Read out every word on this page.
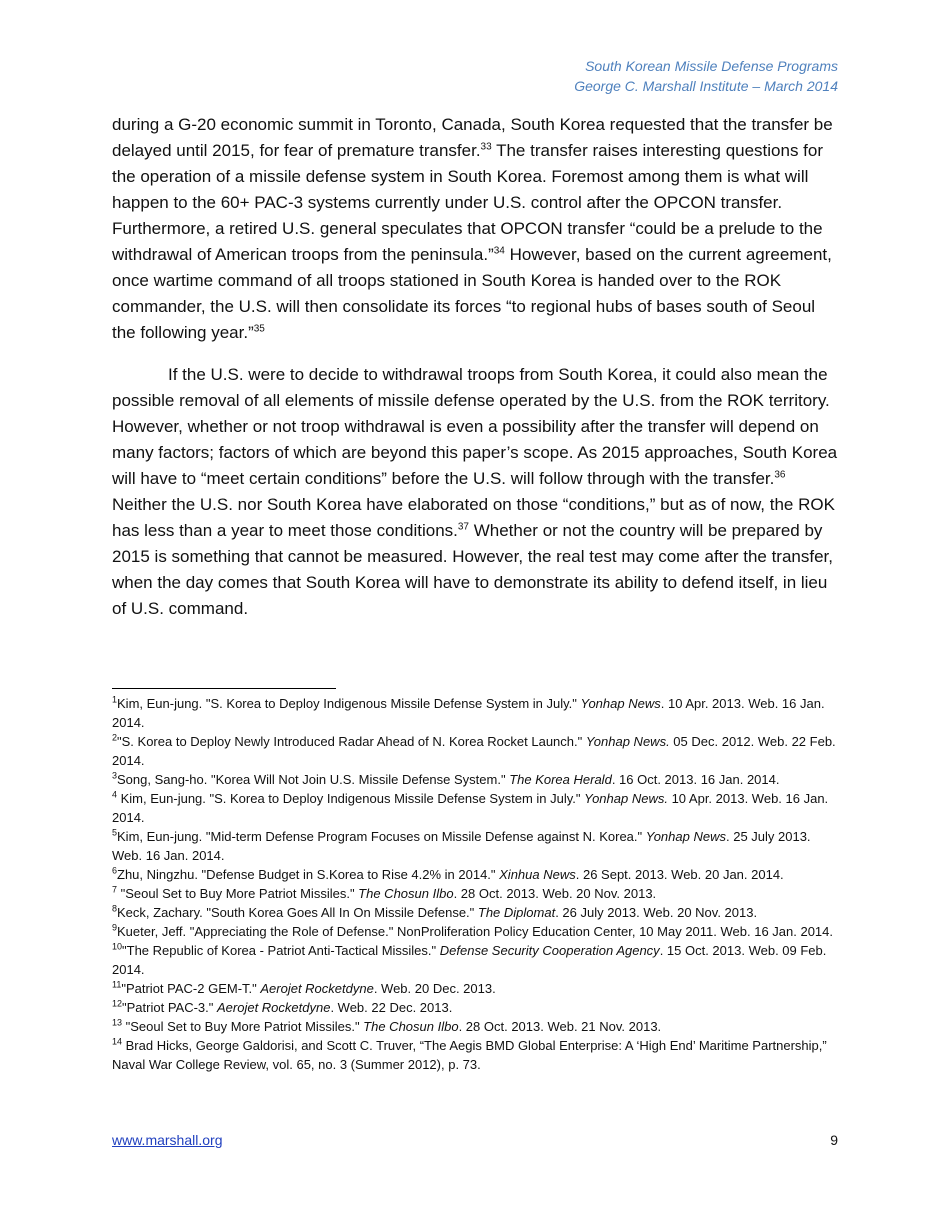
South Korean Missile Defense Programs
George C. Marshall Institute – March 2014

during a G-20 economic summit in Toronto, Canada, South Korea requested that the transfer be delayed until 2015, for fear of premature transfer.$^{33}$ The transfer raises interesting questions for the operation of a missile defense system in South Korea. Foremost among them is what will happen to the 60+ PAC-3 systems currently under U.S. control after the OPCON transfer. Furthermore, a retired U.S. general speculates that OPCON transfer “could be a prelude to the withdrawal of American troops from the peninsula.”$^{34}$ However, based on the current agreement, once wartime command of all troops stationed in South Korea is handed over to the ROK commander, the U.S. will then consolidate its forces “to regional hubs of bases south of Seoul the following year.”$^{35}$

If the U.S. were to decide to withdrawal troops from South Korea, it could also mean the possible removal of all elements of missile defense operated by the U.S. from the ROK territory. However, whether or not troop withdrawal is even a possibility after the transfer will depend on many factors; factors of which are beyond this paper’s scope. As 2015 approaches, South Korea will have to “meet certain conditions” before the U.S. will follow through with the transfer.$^{36}$ Neither the U.S. nor South Korea have elaborated on those “conditions,” but as of now, the ROK has less than a year to meet those conditions.$^{37}$ Whether or not the country will be prepared by 2015 is something that cannot be measured. However, the real test may come after the transfer, when the day comes that South Korea will have to demonstrate its ability to defend itself, in lieu of U.S. command.

$^1$Kim, Eun-jung. "S. Korea to Deploy Indigenous Missile Defense System in July." Yonhap News. 10 Apr. 2013. Web. 16 Jan. 2014.
$^2$"S. Korea to Deploy Newly Introduced Radar Ahead of N. Korea Rocket Launch." Yonhap News. 05 Dec. 2012. Web. 22 Feb. 2014.
$^3$Song, Sang-ho. "Korea Will Not Join U.S. Missile Defense System." The Korea Herald. 16 Oct. 2013. 16 Jan. 2014.
$^4$ Kim, Eun-jung. "S. Korea to Deploy Indigenous Missile Defense System in July." Yonhap News. 10 Apr. 2013. Web. 16 Jan. 2014.
$^5$Kim, Eun-jung. "Mid-term Defense Program Focuses on Missile Defense against N. Korea." Yonhap News. 25 July 2013. Web. 16 Jan. 2014.
$^6$Zhu, Ningzhu. "Defense Budget in S.Korea to Rise 4.2% in 2014." Xinhua News. 26 Sept. 2013. Web. 20 Jan. 2014.
$^7$ "Seoul Set to Buy More Patriot Missiles." The Chosun Ilbo. 28 Oct. 2013. Web. 20 Nov. 2013.
$^8$Keck, Zachary. "South Korea Goes All In On Missile Defense." The Diplomat. 26 July 2013. Web. 20 Nov. 2013.
$^9$Kueter, Jeff. "Appreciating the Role of Defense." NonProliferation Policy Education Center, 10 May 2011. Web. 16 Jan. 2014.
$^{10}$"The Republic of Korea - Patriot Anti-Tactical Missiles." Defense Security Cooperation Agency. 15 Oct. 2013. Web. 09 Feb. 2014.
$^{11}$"Patriot PAC-2 GEM-T." Aerojet Rocketdyne. Web. 20 Dec. 2013.
$^{12}$"Patriot PAC-3." Aerojet Rocketdyne. Web. 22 Dec. 2013.
$^{13}$ "Seoul Set to Buy More Patriot Missiles." The Chosun Ilbo. 28 Oct. 2013. Web. 21 Nov. 2013.
$^{14}$ Brad Hicks, George Galdorisi, and Scott C. Truver, “The Aegis BMD Global Enterprise: A ‘High End’ Maritime Partnership,” Naval War College Review, vol. 65, no. 3 (Summer 2012), p. 73.
www.marshall.org	9
